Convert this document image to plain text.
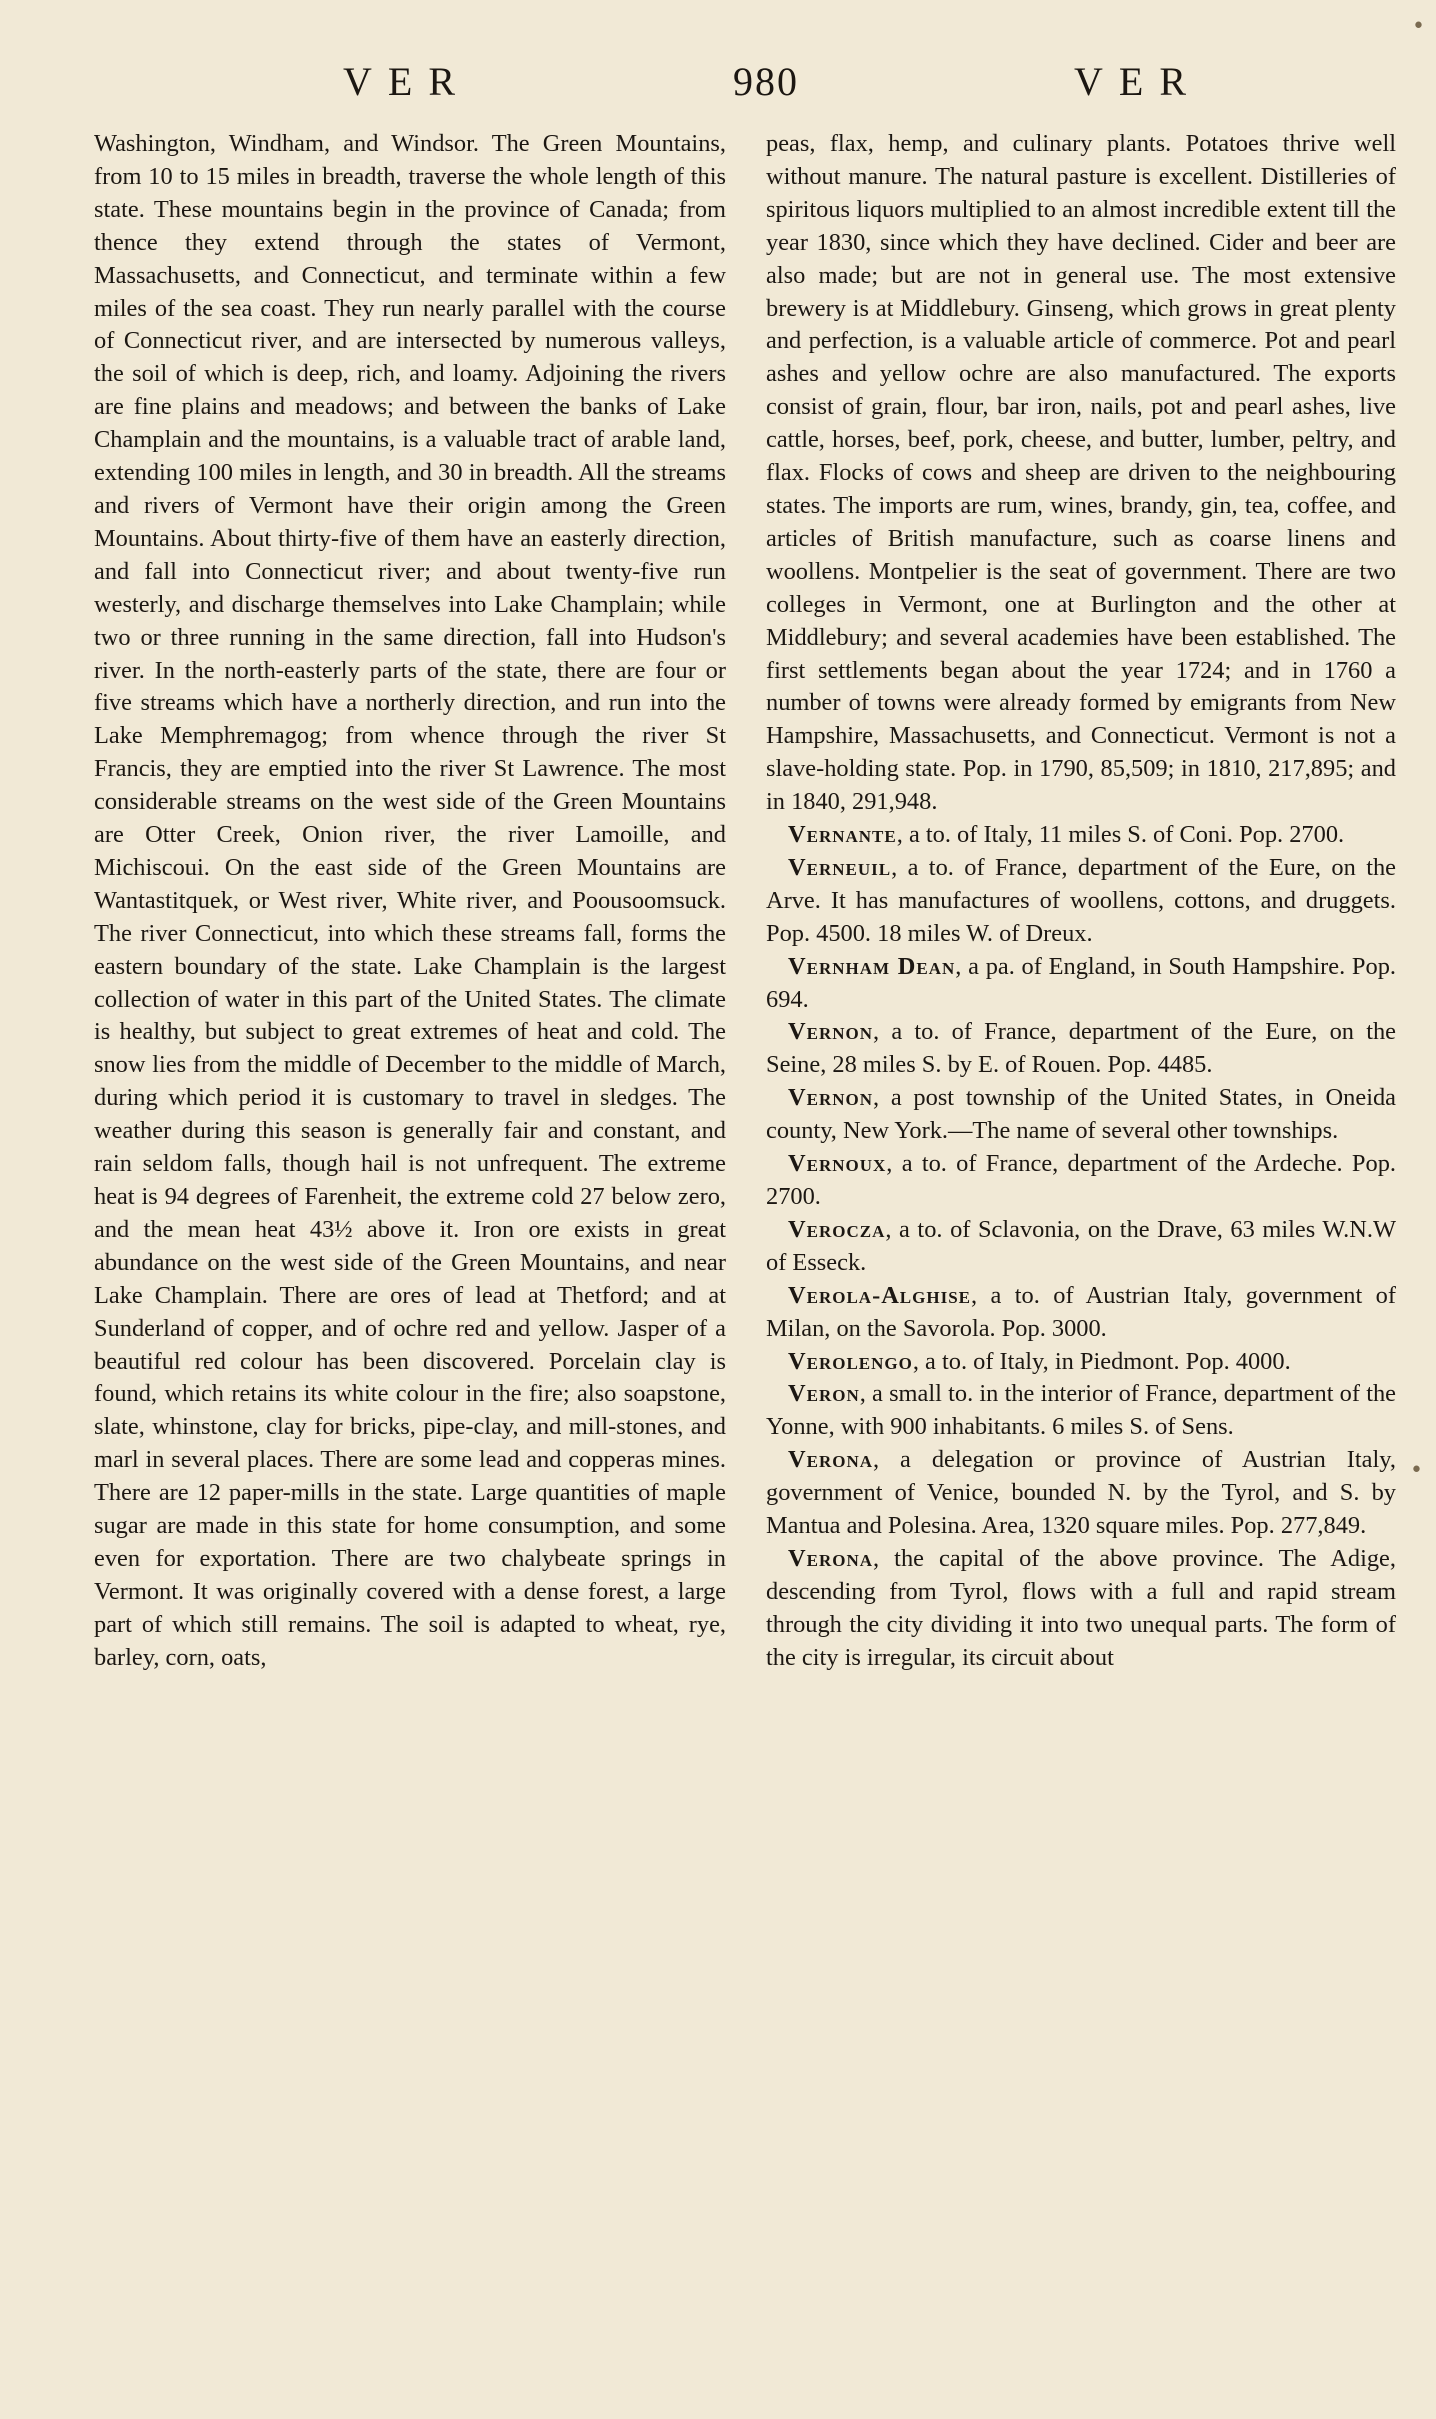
VER	980	VER

Washington, Windham, and Windsor. The Green Mountains, from 10 to 15 miles in breadth, traverse the whole length of this state. These mountains begin in the province of Canada; from thence they extend through the states of Vermont, Massachusetts, and Connecticut, and terminate within a few miles of the sea coast. They run nearly parallel with the course of Connecticut river, and are intersected by numerous valleys, the soil of which is deep, rich, and loamy. Adjoining the rivers are fine plains and meadows; and between the banks of Lake Champlain and the mountains, is a valuable tract of arable land, extending 100 miles in length, and 30 in breadth. All the streams and rivers of Vermont have their origin among the Green Mountains. About thirty-five of them have an easterly direction, and fall into Connecticut river; and about twenty-five run westerly, and discharge themselves into Lake Champlain; while two or three running in the same direction, fall into Hudson's river. In the north-easterly parts of the state, there are four or five streams which have a northerly direction, and run into the Lake Memphremagog; from whence through the river St Francis, they are emptied into the river St Lawrence. The most considerable streams on the west side of the Green Mountains are Otter Creek, Onion river, the river Lamoille, and Michiscoui. On the east side of the Green Mountains are Wantastitquek, or West river, White river, and Poousoomsuck. The river Connecticut, into which these streams fall, forms the eastern boundary of the state. Lake Champlain is the largest collection of water in this part of the United States. The climate is healthy, but subject to great extremes of heat and cold. The snow lies from the middle of December to the middle of March, during which period it is customary to travel in sledges. The weather during this season is generally fair and constant, and rain seldom falls, though hail is not unfrequent. The extreme heat is 94 degrees of Farenheit, the extreme cold 27 below zero, and the mean heat 43½ above it. Iron ore exists in great abundance on the west side of the Green Mountains, and near Lake Champlain. There are ores of lead at Thetford; and at Sunderland of copper, and of ochre red and yellow. Jasper of a beautiful red colour has been discovered. Porcelain clay is found, which retains its white colour in the fire; also soapstone, slate, whinstone, clay for bricks, pipe-clay, and mill-stones, and marl in several places. There are some lead and copperas mines. There are 12 paper-mills in the state. Large quantities of maple sugar are made in this state for home consumption, and some even for exportation. There are two chalybeate springs in Vermont. It was originally covered with a dense forest, a large part of which still remains. The soil is adapted to wheat, rye, barley, corn, oats,

peas, flax, hemp, and culinary plants. Potatoes thrive well without manure. The natural pasture is excellent. Distilleries of spiritous liquors multiplied to an almost incredible extent till the year 1830, since which they have declined. Cider and beer are also made; but are not in general use. The most extensive brewery is at Middlebury. Ginseng, which grows in great plenty and perfection, is a valuable article of commerce. Pot and pearl ashes and yellow ochre are also manufactured. The exports consist of grain, flour, bar iron, nails, pot and pearl ashes, live cattle, horses, beef, pork, cheese, and butter, lumber, peltry, and flax. Flocks of cows and sheep are driven to the neighbouring states. The imports are rum, wines, brandy, gin, tea, coffee, and articles of British manufacture, such as coarse linens and woollens. Montpelier is the seat of government. There are two colleges in Vermont, one at Burlington and the other at Middlebury; and several academies have been established. The first settlements began about the year 1724; and in 1760 a number of towns were already formed by emigrants from New Hampshire, Massachusetts, and Connecticut. Vermont is not a slave-holding state. Pop. in 1790, 85,509; in 1810, 217,895; and in 1840, 291,948.

Vernante, a to. of Italy, 11 miles S. of Coni. Pop. 2700.

Verneuil, a to. of France, department of the Eure, on the Arve. It has manufactures of woollens, cottons, and druggets. Pop. 4500. 18 miles W. of Dreux.

Vernham Dean, a pa. of England, in South Hampshire. Pop. 694.

Vernon, a to. of France, department of the Eure, on the Seine, 28 miles S. by E. of Rouen. Pop. 4485.

Vernon, a post township of the United States, in Oneida county, New York.—The name of several other townships.

Vernoux, a to. of France, department of the Ardeche. Pop. 2700.

Verocza, a to. of Sclavonia, on the Drave, 63 miles W.N.W of Esseck.

Verola-Alghise, a to. of Austrian Italy, government of Milan, on the Savorola. Pop. 3000.

Verolengo, a to. of Italy, in Piedmont. Pop. 4000.

Veron, a small to. in the interior of France, department of the Yonne, with 900 inhabitants. 6 miles S. of Sens.

Verona, a delegation or province of Austrian Italy, government of Venice, bounded N. by the Tyrol, and S. by Mantua and Polesina. Area, 1320 square miles. Pop. 277,849.

Verona, the capital of the above province. The Adige, descending from Tyrol, flows with a full and rapid stream through the city dividing it into two unequal parts. The form of the city is irregular, its circuit about

•
•
